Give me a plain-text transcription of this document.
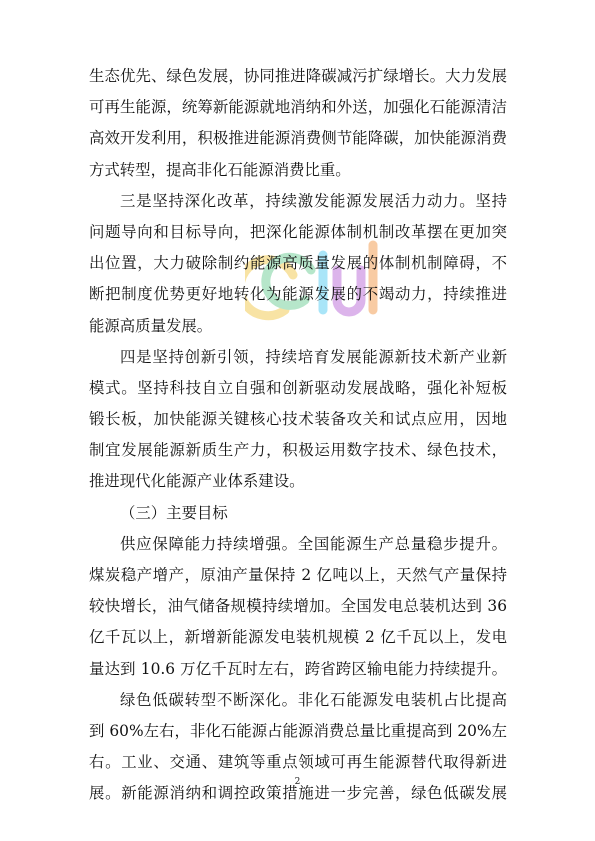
生态优先、绿色发展，协同推进降碳减污扩绿增长。大力发展
可再生能源，统筹新能源就地消纳和外送，加强化石能源清洁
高效开发利用，积极推进能源消费侧节能降碳，加快能源消费
方式转型，提高非化石能源消费比重。
三是坚持深化改革，持续激发能源发展活力动力。坚持
问题导向和目标导向，把深化能源体制机制改革摆在更加突
出位置，大力破除制约能源高质量发展的体制机制障碍，不
断把制度优势更好地转化为能源发展的不竭动力，持续推进
能源高质量发展。
四是坚持创新引领，持续培育发展能源新技术新产业新
模式。坚持科技自立自强和创新驱动发展战略，强化补短板
锻长板，加快能源关键核心技术装备攻关和试点应用，因地
制宜发展能源新质生产力，积极运用数字技术、绿色技术，
推进现代化能源产业体系建设。
（三）主要目标
供应保障能力持续增强。全国能源生产总量稳步提升。
煤炭稳产增产，原油产量保持 2 亿吨以上，天然气产量保持
较快增长，油气储备规模持续增加。全国发电总装机达到 36
亿千瓦以上，新增新能源发电装机规模 2 亿千瓦以上，发电
量达到 10.6 万亿千瓦时左右，跨省跨区输电能力持续提升。
绿色低碳转型不断深化。非化石能源发电装机占比提高
到 60%左右，非化石能源占能源消费总量比重提高到 20%左
右。工业、交通、建筑等重点领域可再生能源替代取得新进
展。新能源消纳和调控政策措施进一步完善，绿色低碳发展
2
